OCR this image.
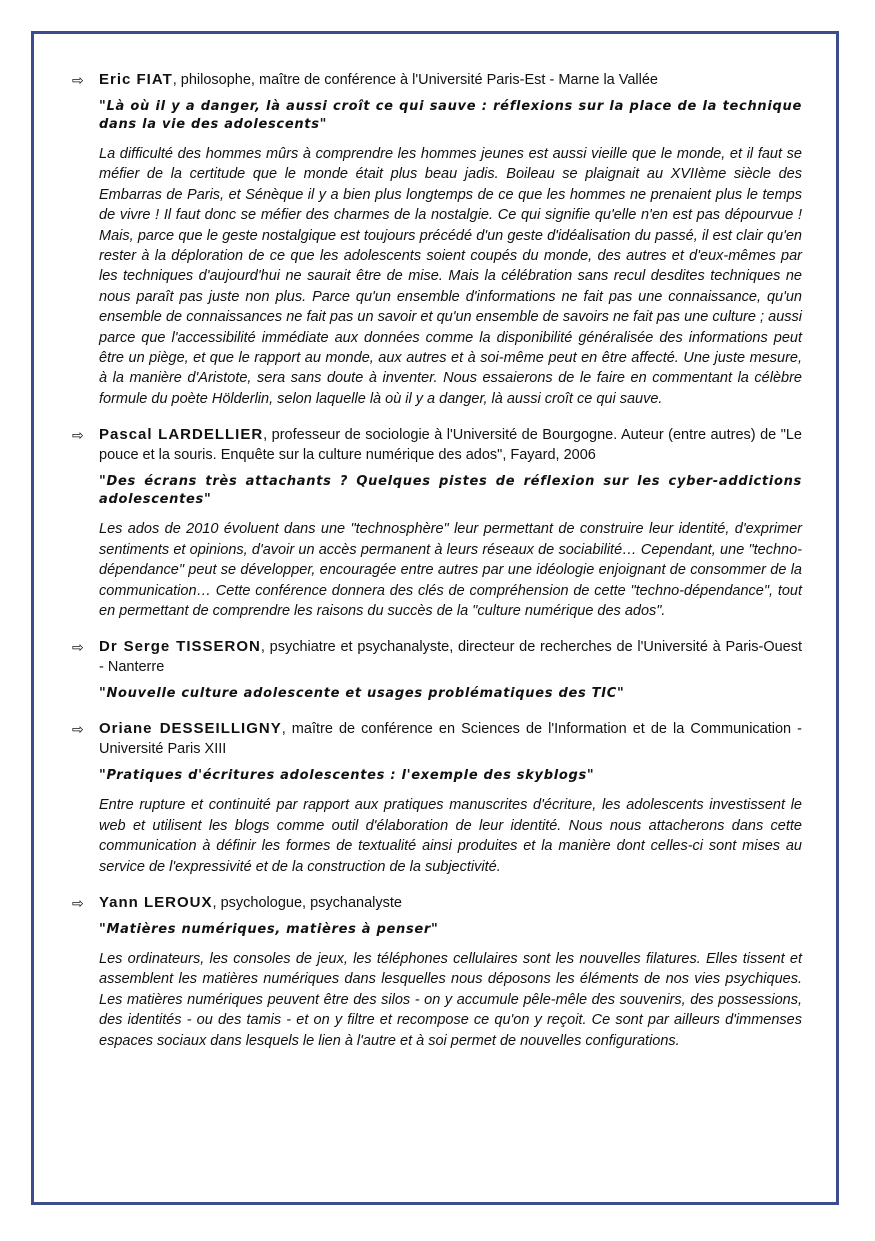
⇨	Eric FIAT, philosophe, maître de conférence à l'Université Paris-Est - Marne la Vallée
"Là où il y a danger, là aussi croît ce qui sauve : réflexions sur la place de la technique dans la vie des adolescents"
La difficulté des hommes mûrs à comprendre les hommes jeunes est aussi vieille que le monde, et il faut se méfier de la certitude que le monde était plus beau jadis. Boileau se plaignait au XVIIème siècle des Embarras de Paris, et Sénèque il y a bien plus longtemps de ce que les hommes ne prenaient plus le temps de vivre ! Il faut donc se méfier des charmes de la nostalgie. Ce qui signifie qu'elle n'en est pas dépourvue ! Mais, parce que le geste nostalgique est toujours précédé d'un geste d'idéalisation du passé, il est clair qu'en rester à la déploration de ce que les adolescents soient coupés du monde, des autres et d'eux-mêmes par les techniques d'aujourd'hui ne saurait être de mise. Mais la célébration sans recul desdites techniques ne nous paraît pas juste non plus. Parce qu'un ensemble d'informations ne fait pas une connaissance, qu'un ensemble de connaissances ne fait pas un savoir et qu'un ensemble de savoirs ne fait pas une culture ; aussi parce que l'accessibilité immédiate aux données comme la disponibilité généralisée des informations peut être un piège, et que le rapport au monde, aux autres et à soi-même peut en être affecté. Une juste mesure, à la manière d'Aristote, sera sans doute à inventer. Nous essaierons de le faire en commentant la célèbre formule du poète Hölderlin, selon laquelle là où il y a danger, là aussi croît ce qui sauve.
⇨	Pascal LARDELLIER, professeur de sociologie à l'Université de Bourgogne. Auteur (entre autres) de "Le pouce et la souris. Enquête sur la culture numérique des ados", Fayard, 2006
"Des écrans très attachants ? Quelques pistes de réflexion sur les cyber-addictions adolescentes"
Les ados de 2010 évoluent dans une "technosphère" leur permettant de construire leur identité, d'exprimer sentiments et opinions, d'avoir un accès permanent à leurs réseaux de sociabilité… Cependant, une "techno-dépendance" peut se développer, encouragée entre autres par une idéologie enjoignant de consommer de la communication… Cette conférence donnera des clés de compréhension de cette "techno-dépendance", tout en permettant de comprendre les raisons du succès de la "culture numérique des ados".
⇨	Dr Serge TISSERON, psychiatre et psychanalyste, directeur de recherches de l'Université à Paris-Ouest - Nanterre
"Nouvelle culture adolescente et usages problématiques des TIC"
⇨	Oriane DESSEILLIGNY, maître de conférence en Sciences de l'Information et de la Communication - Université Paris XIII
"Pratiques d'écritures adolescentes : l'exemple des skyblogs"
Entre rupture et continuité par rapport aux pratiques manuscrites d'écriture, les adolescents investissent le web et utilisent les blogs comme outil d'élaboration de leur identité. Nous nous attacherons dans cette communication à définir les formes de textualité ainsi produites et la manière dont celles-ci sont mises au service de l'expressivité et de la construction de la subjectivité.
⇨	Yann LEROUX, psychologue, psychanalyste
"Matières numériques, matières à penser"
Les ordinateurs, les consoles de jeux, les téléphones cellulaires sont les nouvelles filatures. Elles tissent et assemblent les matières numériques dans lesquelles nous déposons les éléments de nos vies psychiques. Les matières numériques peuvent être des silos - on y accumule pêle-mêle des souvenirs, des possessions, des identités - ou des tamis - et on y filtre et recompose ce qu'on y reçoit. Ce sont par ailleurs d'immenses espaces sociaux dans lesquels le lien à l'autre et à soi permet de nouvelles configurations.
